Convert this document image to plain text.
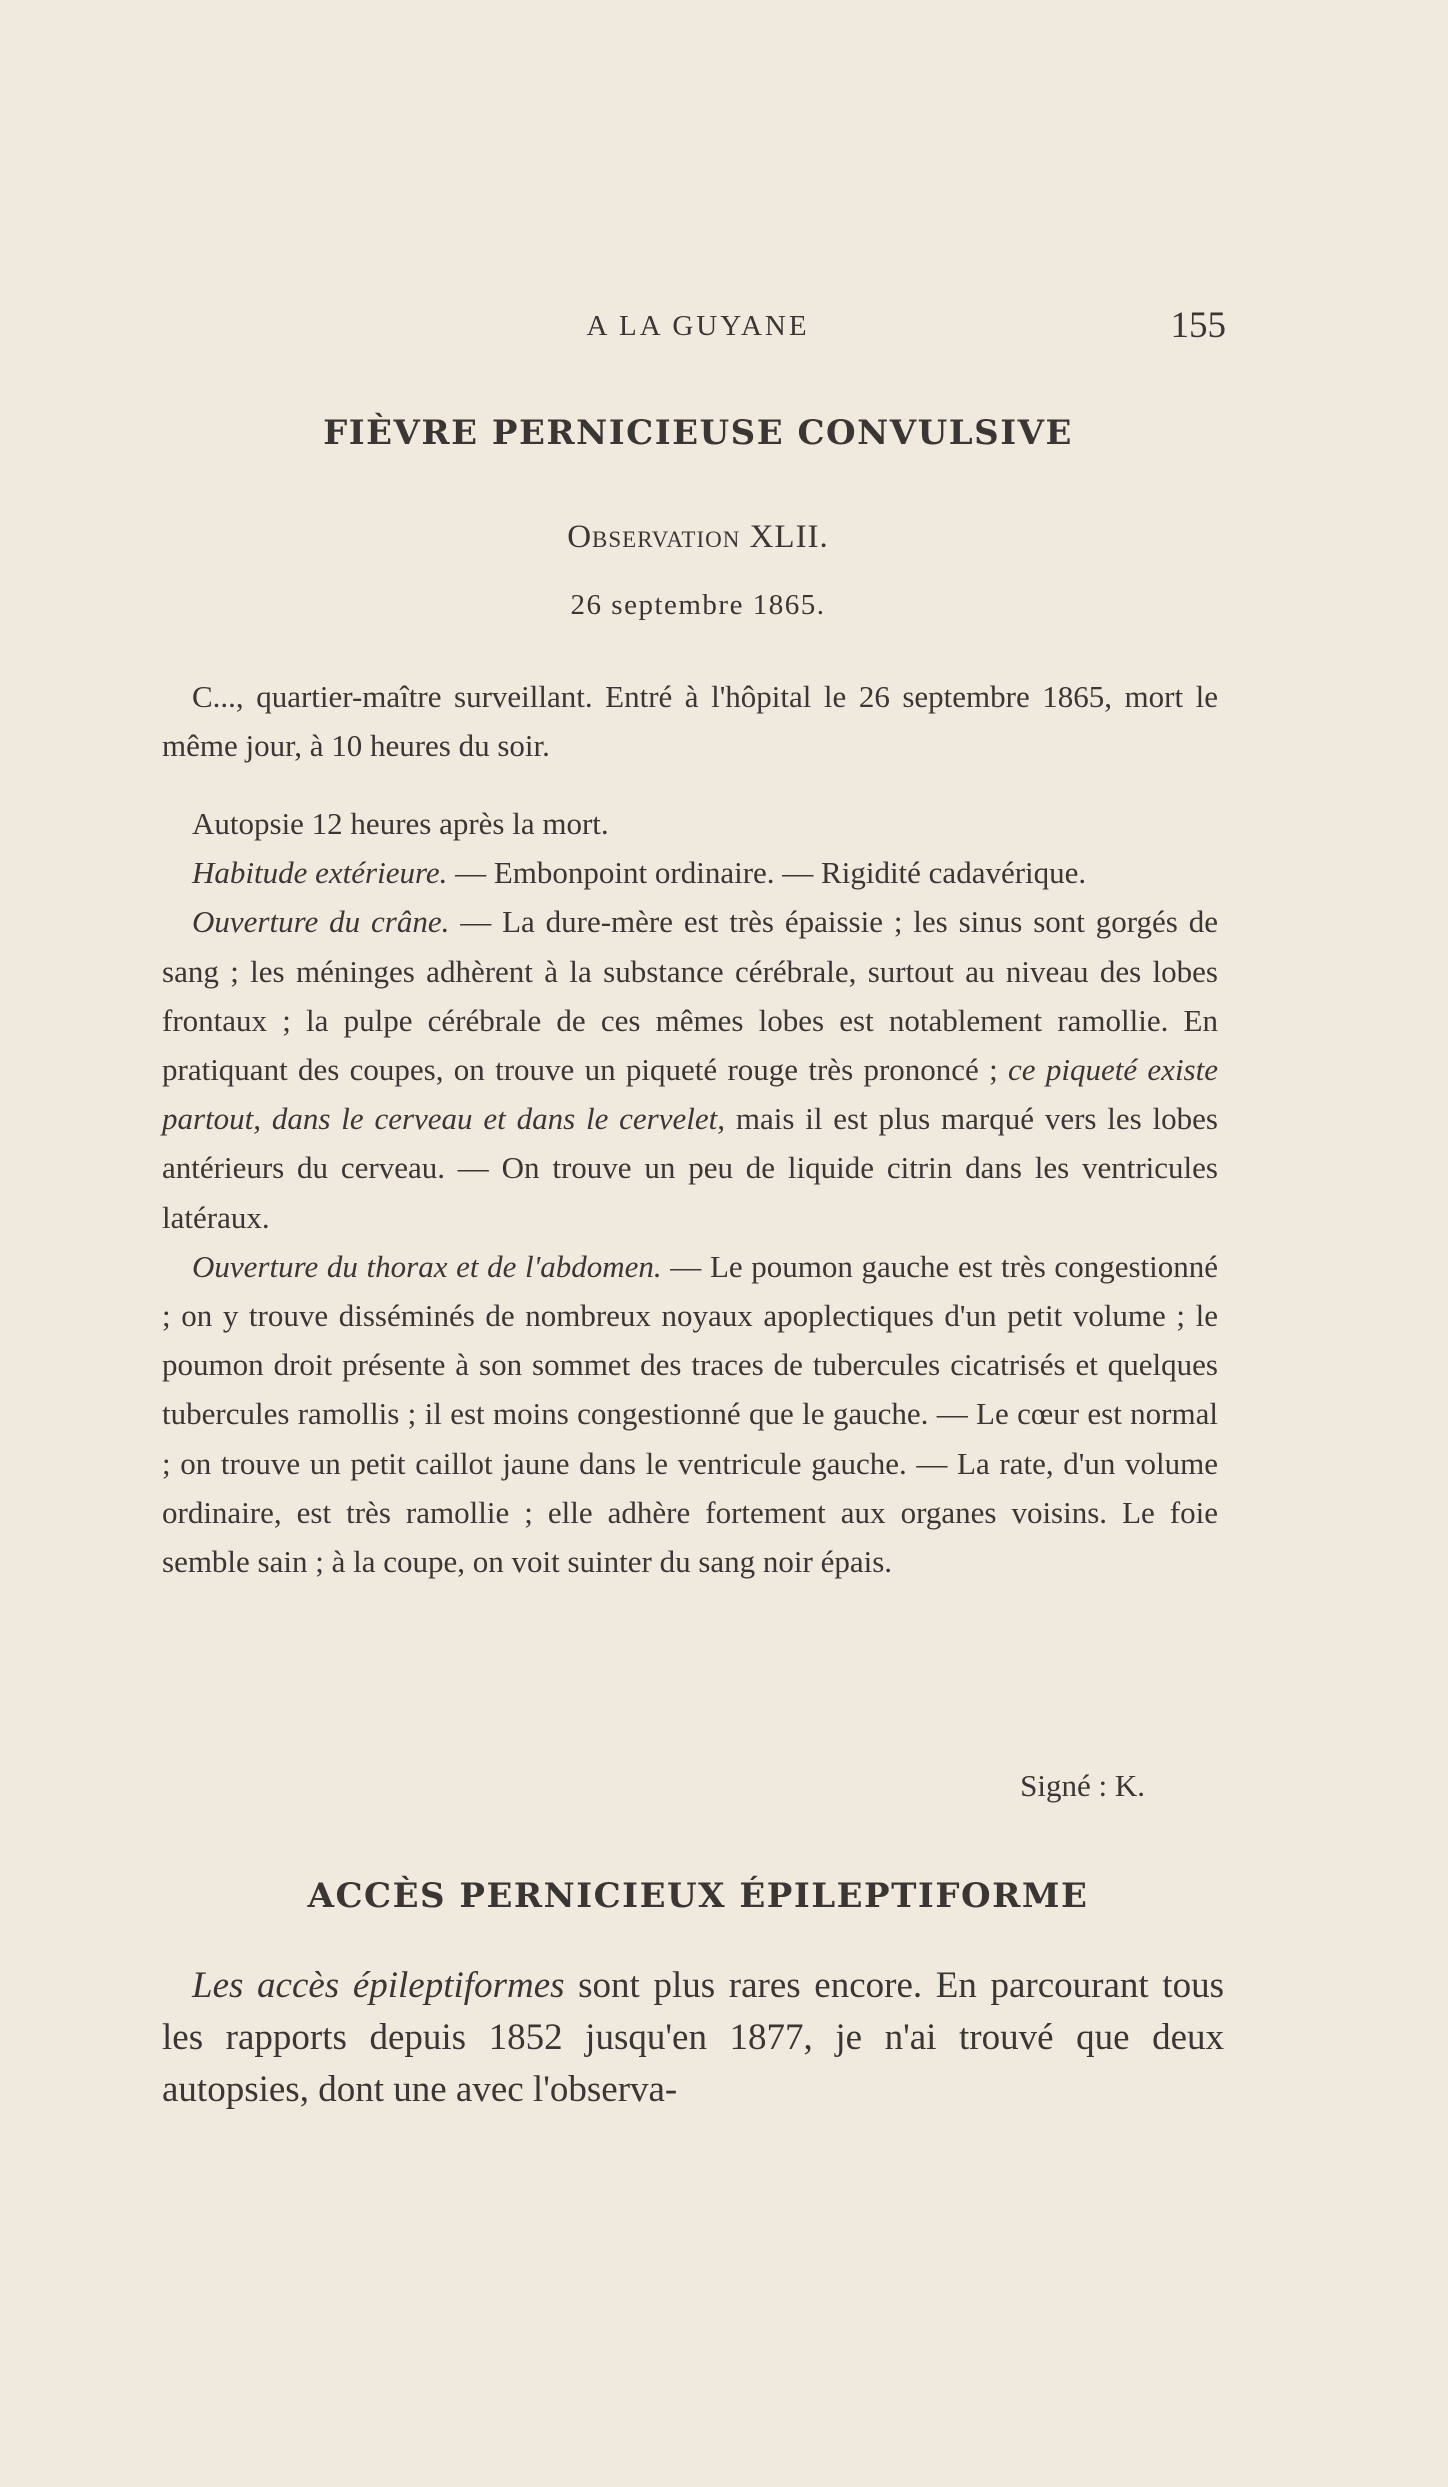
A LA GUYANE	155
FIÈVRE PERNICIEUSE CONVULSIVE
Observation XLII.
26 septembre 1865.

C..., quartier-maître surveillant. Entré à l'hôpital le 26 septembre 1865, mort le même jour, à 10 heures du soir.

Autopsie 12 heures après la mort.

Habitude extérieure. — Embonpoint ordinaire. — Rigidité cadavérique.

Ouverture du crâne. — La dure-mère est très épaissie ; les sinus sont gorgés de sang ; les méninges adhèrent à la substance cérébrale, surtout au niveau des lobes frontaux ; la pulpe cérébrale de ces mêmes lobes est notablement ramollie. En pratiquant des coupes, on trouve un piqueté rouge très prononcé ; ce piqueté existe partout, dans le cerveau et dans le cervelet, mais il est plus marqué vers les lobes antérieurs du cerveau. — On trouve un peu de liquide citrin dans les ventricules latéraux.

Ouverture du thorax et de l'abdomen. — Le poumon gauche est très congestionné ; on y trouve disséminés de nombreux noyaux apoplectiques d'un petit volume ; le poumon droit présente à son sommet des traces de tubercules cicatrisés et quelques tubercules ramollis ; il est moins congestionné que le gauche. — Le cœur est normal ; on trouve un petit caillot jaune dans le ventricule gauche. — La rate, d'un volume ordinaire, est très ramollie ; elle adhère fortement aux organes voisins. Le foie semble sain ; à la coupe, on voit suinter du sang noir épais.

Signé : K.
ACCÈS PERNICIEUX ÉPILEPTIFORME

Les accès épileptiformes sont plus rares encore. En parcourant tous les rapports depuis 1852 jusqu'en 1877, je n'ai trouvé que deux autopsies, dont une avec l'observa-
